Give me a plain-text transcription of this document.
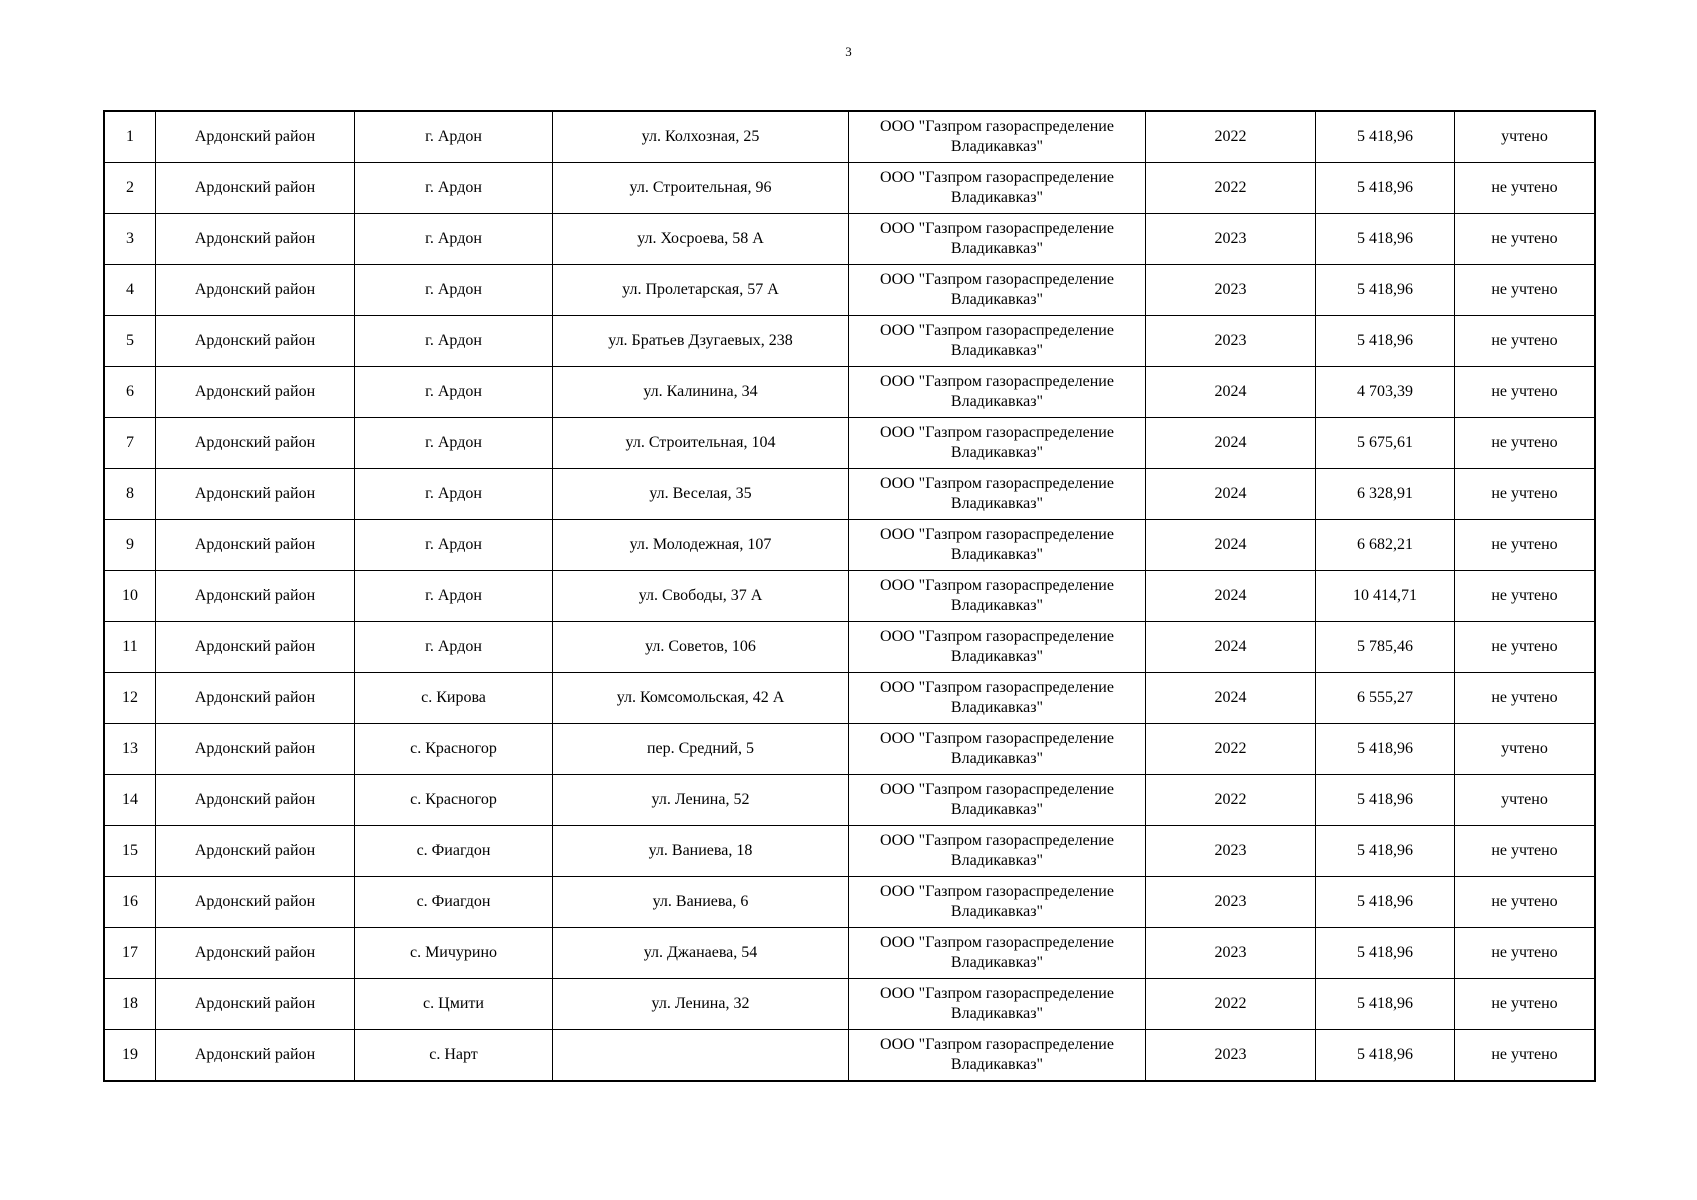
3
1	Ардонский район	г. Ардон	ул. Колхозная, 25	ООО "Газпром газораспределение
Владикавказ"	2022	5 418,96	учтено
2	Ардонский район	г. Ардон	ул. Строительная, 96	ООО "Газпром газораспределение
Владикавказ"	2022	5 418,96	не учтено
3	Ардонский район	г. Ардон	ул. Хосроева, 58 А	ООО "Газпром газораспределение
Владикавказ"	2023	5 418,96	не учтено
4	Ардонский район	г. Ардон	ул. Пролетарская, 57 А	ООО "Газпром газораспределение
Владикавказ"	2023	5 418,96	не учтено
5	Ардонский район	г. Ардон	ул. Братьев Дзугаевых, 238	ООО "Газпром газораспределение
Владикавказ"	2023	5 418,96	не учтено
6	Ардонский район	г. Ардон	ул. Калинина, 34	ООО "Газпром газораспределение
Владикавказ"	2024	4 703,39	не учтено
7	Ардонский район	г. Ардон	ул. Строительная, 104	ООО "Газпром газораспределение
Владикавказ"	2024	5 675,61	не учтено
8	Ардонский район	г. Ардон	ул. Веселая, 35	ООО "Газпром газораспределение
Владикавказ"	2024	6 328,91	не учтено
9	Ардонский район	г. Ардон	ул. Молодежная, 107	ООО "Газпром газораспределение
Владикавказ"	2024	6 682,21	не учтено
10	Ардонский район	г. Ардон	ул. Свободы, 37 А	ООО "Газпром газораспределение
Владикавказ"	2024	10 414,71	не учтено
11	Ардонский район	г. Ардон	ул. Советов, 106	ООО "Газпром газораспределение
Владикавказ"	2024	5 785,46	не учтено
12	Ардонский район	с. Кирова	ул. Комсомольская, 42 А	ООО "Газпром газораспределение
Владикавказ"	2024	6 555,27	не учтено
13	Ардонский район	с. Красногор	пер. Средний, 5	ООО "Газпром газораспределение
Владикавказ"	2022	5 418,96	учтено
14	Ардонский район	с. Красногор	ул. Ленина, 52	ООО "Газпром газораспределение
Владикавказ"	2022	5 418,96	учтено
15	Ардонский район	с. Фиагдон	ул. Ваниева, 18	ООО "Газпром газораспределение
Владикавказ"	2023	5 418,96	не учтено
16	Ардонский район	с. Фиагдон	ул. Ваниева, 6	ООО "Газпром газораспределение
Владикавказ"	2023	5 418,96	не учтено
17	Ардонский район	с. Мичурино	ул. Джанаева, 54	ООО "Газпром газораспределение
Владикавказ"	2023	5 418,96	не учтено
18	Ардонский район	с. Цмити	ул. Ленина, 32	ООО "Газпром газораспределение
Владикавказ"	2022	5 418,96	не учтено
19	Ардонский район	с. Нарт		ООО "Газпром газораспределение
Владикавказ"	2023	5 418,96	не учтено
